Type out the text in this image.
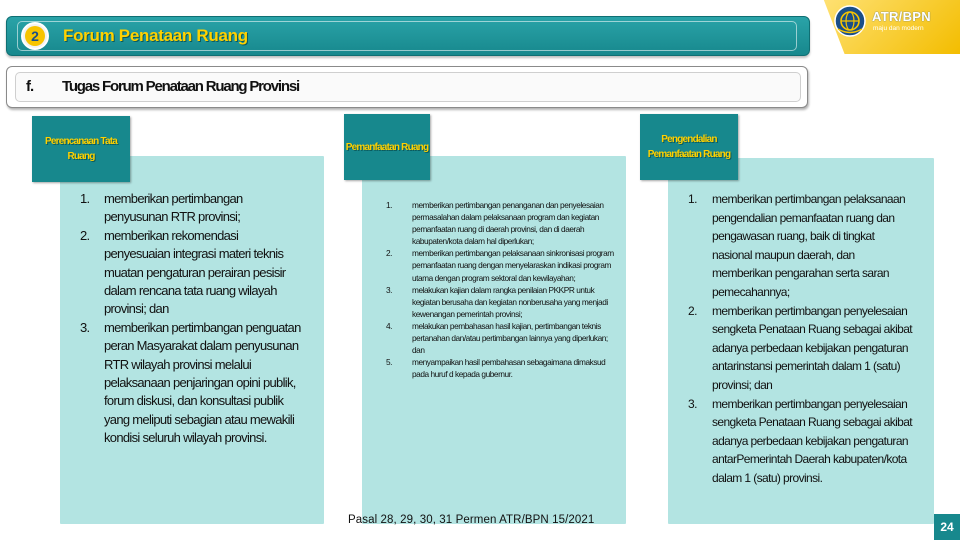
2	Forum Penataan Ruang
ATR/BPN
maju dan modern
f. Tugas Forum Penataan Ruang Provinsi
Perencanaan Tata Ruang
1.	memberikan pertimbangan penyusunan RTR provinsi;
2.	memberikan rekomendasi penyesuaian integrasi materi teknis muatan pengaturan perairan pesisir dalam rencana tata ruang wilayah provinsi; dan
3.	memberikan pertimbangan penguatan peran Masyarakat dalam penyusunan RTR wilayah provinsi melalui pelaksanaan penjaringan opini publik, forum diskusi, dan konsultasi publik yang meliputi sebagian atau mewakili kondisi seluruh wilayah provinsi.
Pemanfaatan Ruang
1.	memberikan pertimbangan penanganan dan penyelesaian permasalahan dalam pelaksanaan program dan kegiatan pemanfaatan ruang di daerah provinsi, dan di daerah kabupaten/kota dalam hal diperlukan;
2.	memberikan pertimbangan pelaksanaan sinkronisasi program pemanfaatan ruang dengan menyelaraskan indikasi program utama dengan program sektoral dan kewilayahan;
3.	melakukan kajian dalam rangka penilaian PKKPR untuk kegiatan berusaha dan kegiatan nonberusaha yang menjadi kewenangan pemerintah provinsi;
4.	melakukan pembahasan hasil kajian, pertimbangan teknis pertanahan dan/atau pertimbangan lainnya yang diperlukan; dan
5.	menyampaikan hasil pembahasan sebagaimana dimaksud pada huruf d kepada gubernur.
Pengendalian Pemanfaatan Ruang
1.	memberikan pertimbangan pelaksanaan pengendalian pemanfaatan ruang dan pengawasan ruang, baik di tingkat nasional maupun daerah, dan memberikan pengarahan serta saran pemecahannya;
2.	memberikan pertimbangan penyelesaian sengketa Penataan Ruang sebagai akibat adanya perbedaan kebijakan pengaturan antarinstansi pemerintah dalam 1 (satu) provinsi; dan
3.	memberikan pertimbangan penyelesaian sengketa Penataan Ruang sebagai akibat adanya perbedaan kebijakan pengaturan antarPemerintah Daerah kabupaten/kota dalam 1 (satu) provinsi.
Pasal 28, 29, 30, 31 Permen ATR/BPN 15/2021	24
